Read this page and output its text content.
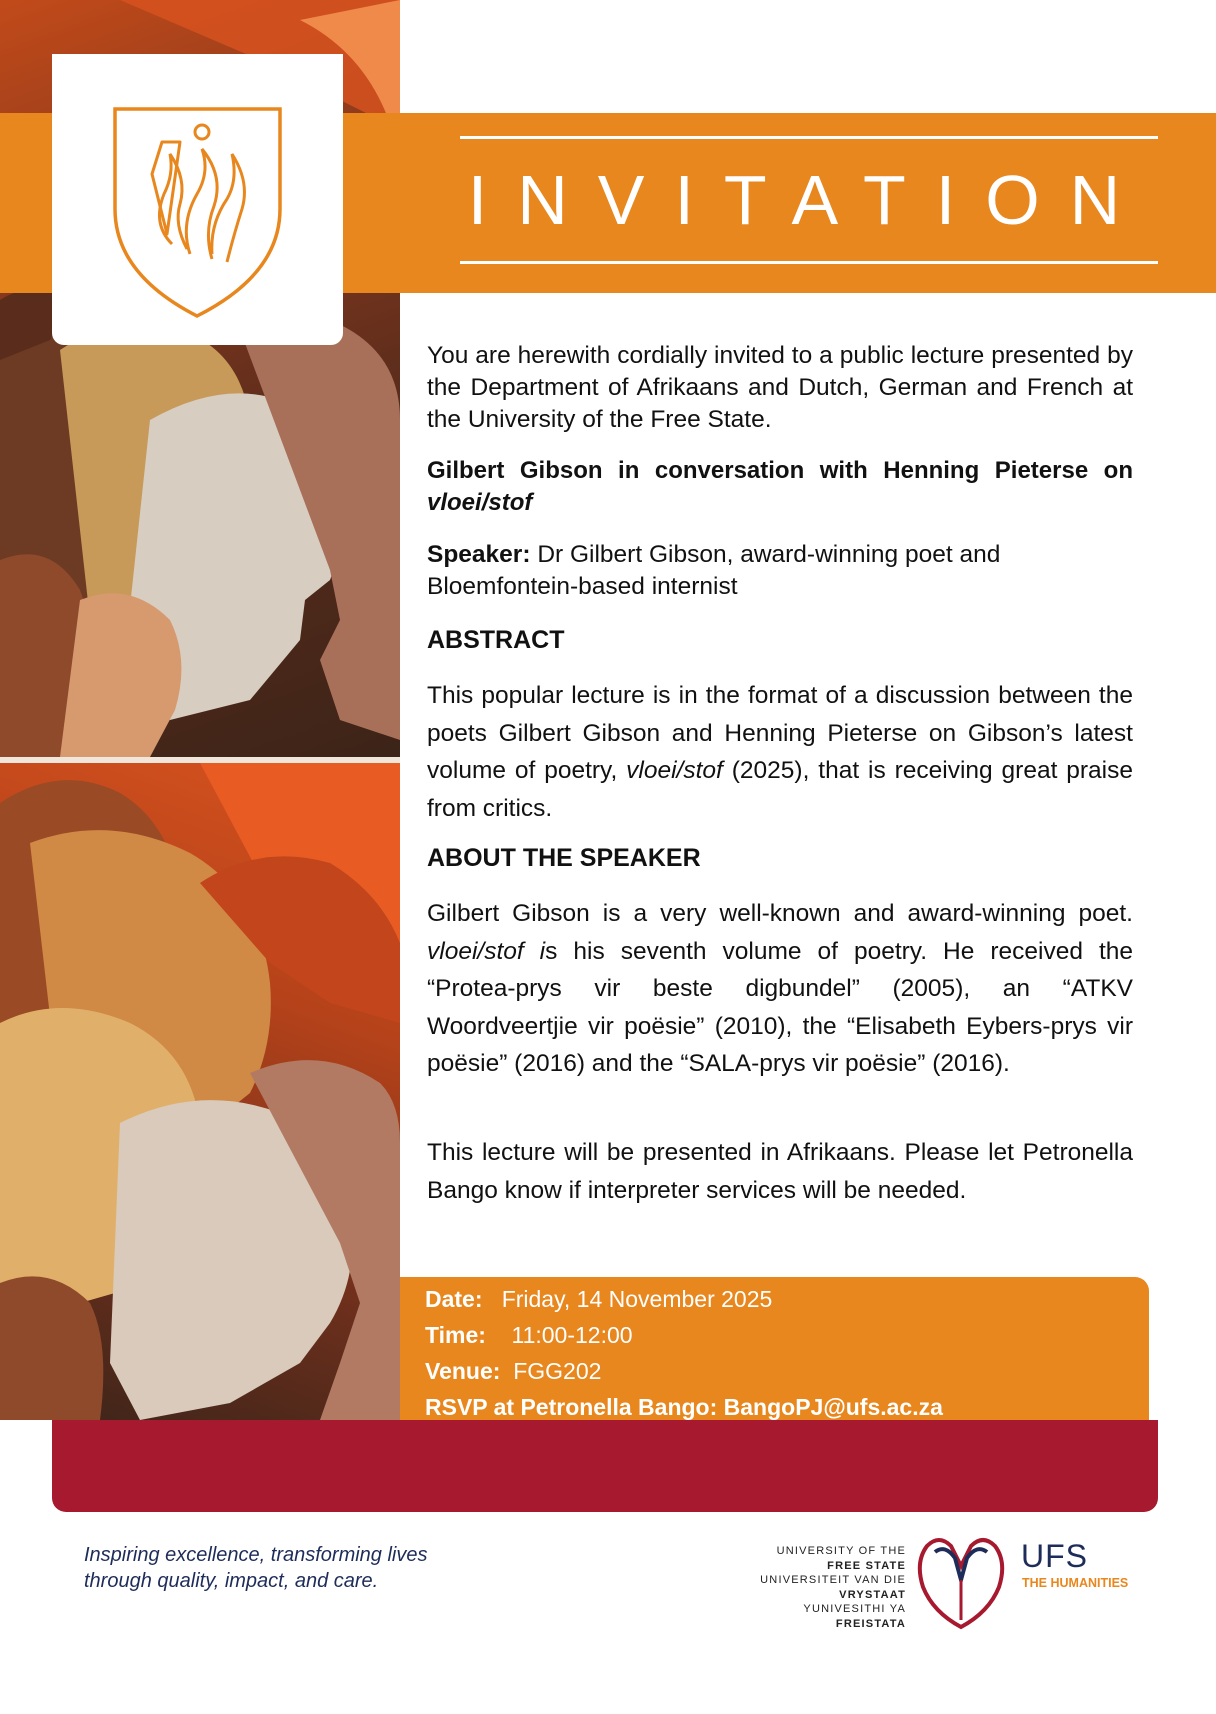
INVITATION

You are herewith cordially invited to a public lecture presented by the Department of Afrikaans and Dutch, German and French at the University of the Free State.

Gilbert Gibson in conversation with Henning Pieterse on vloei/stof

Speaker: Dr Gilbert Gibson, award-winning poet and Bloemfontein-based internist

ABSTRACT

This popular lecture is in the format of a discussion between the poets Gilbert Gibson and Henning Pieterse on Gibson’s latest volume of poetry, vloei/stof (2025), that is receiving great praise from critics.

ABOUT THE SPEAKER

Gilbert Gibson is a very well-known and award-winning poet. vloei/stof is his seventh volume of poetry. He received the “Protea-prys vir beste digbundel” (2005), an “ATKV Woordveertjie vir poësie” (2010), the “Elisabeth Eybers-prys vir poësie” (2016) and the “SALA-prys vir poësie” (2016).

This lecture will be presented in Afrikaans. Please let Petronella Bango know if interpreter services will be needed.

Date: Friday, 14 November 2025
Time: 11:00-12:00
Venue: FGG202
RSVP at Petronella Bango: BangoPJ@ufs.ac.za
Inspiring excellence, transforming lives
through quality, impact, and care.
UNIVERSITY OF THE
FREE STATE
UNIVERSITEIT VAN DIE
VRYSTAAT
YUNIVESITHI YA
FREISTATA
UFS
THE HUMANITIES
